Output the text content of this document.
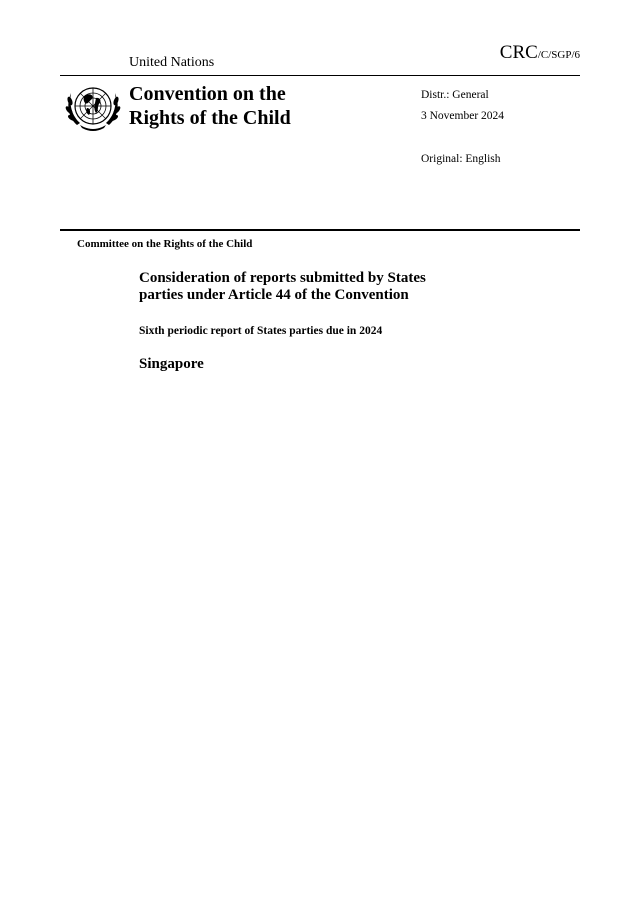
United Nations	CRC/C/SGP/6
Convention on the
Rights of the Child
Distr.: General
3 November 2024
Original: English
Committee on the Rights of the Child
Consideration of reports submitted by States
parties under Article 44 of the Convention
Sixth periodic report of States parties due in 2024
Singapore
